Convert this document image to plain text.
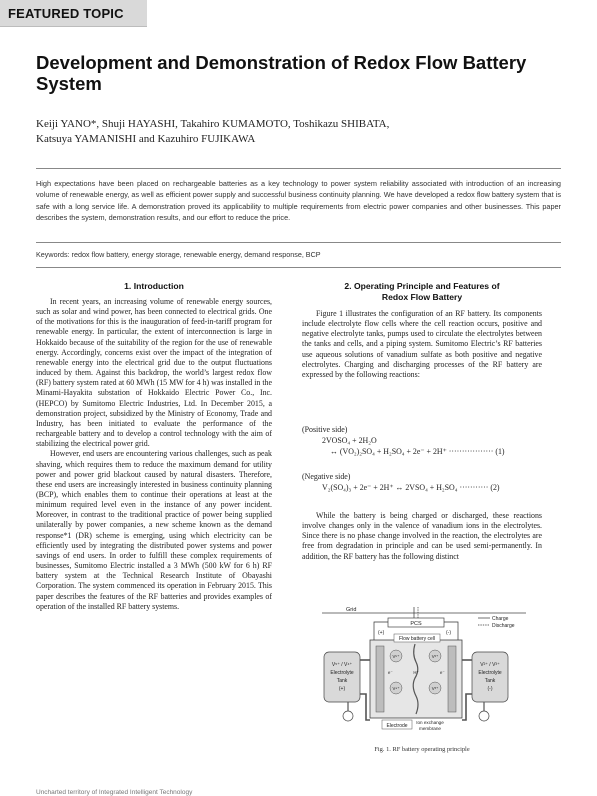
FEATURED TOPIC
Development and Demonstration of Redox Flow Battery System
Keiji YANO*, Shuji HAYASHI, Takahiro KUMAMOTO, Toshikazu SHIBATA,
Katsuya YAMANISHI and Kazuhiro FUJIKAWA
High expectations have been placed on rechargeable batteries as a key technology to power system reliability associated with introduction of an increasing volume of renewable energy, as well as efficient power supply and successful business continuity planning. We have developed a redox flow battery system that is safe with a long service life. A demonstration proved its applicability to multiple requirements from electric power companies and other businesses. This paper describes the system, demonstration results, and our effort to reduce the price.
Keywords: redox flow battery, energy storage, renewable energy, demand response, BCP
1. Introduction

In recent years, an increasing volume of renewable energy sources, such as solar and wind power, has been connected to electrical grids. One of the motivations for this is the inauguration of feed-in-tariff program for renewable energy. In particular, the extent of interconnection is large in Hokkaido because of the suitability of the region for the use of renewable energy. Accordingly, concerns exist over the impact of the integration of renewable energy into the electrical grid due to the output fluctuations induced by them. Against this backdrop, the world’s largest redox flow (RF) battery system rated at 60 MWh (15 MW for 4 h) was installed in the Minami-Hayakita substation of Hokkaido Electric Power Co., Inc. (HEPCO) by Sumitomo Electric Industries, Ltd. In December 2015, a demonstration project, subsidized by the Ministry of Economy, Trade and Industry, has been initiated to evaluate the performance of the rechargeable battery and to develop a control technology with the aim of stabilizing the electrical power grid.

However, end users are encountering various challenges, such as peak shaving, which requires them to reduce the maximum demand for utility power and power grid blackout caused by natural disasters. Therefore, these end users are increasingly interested in business continuity planning (BCP), which enables them to continue their operations at least at the minimum required level even in the instance of any power incident. Moreover, in contrast to the traditional practice of power being supplied unilaterally by power companies, a new scheme known as the demand response*1 (DR) scheme is emerging, using which electricity can be efficiently used by integrating the distributed power systems and power savings of end users. In order to fulfill these complex requirements of businesses, Sumitomo Electric installed a 3 MWh (500 kW for 6 h) RF battery system at the Technical Research Institute of Obayashi Corporation. The system commenced its operation in February 2015. This paper describes the features of the RF batteries and provides examples of operation of the installed RF battery systems.

2. Operating Principle and Features of
Redox Flow Battery

Figure 1 illustrates the configuration of an RF battery. Its components include electrolyte flow cells where the cell reaction occurs, positive and negative electrolyte tanks, pumps used to circulate the electrolytes between the tanks and cells, and a piping system. Sumitomo Electric’s RF batteries use aqueous solutions of vanadium sulfate as both positive and negative electrolytes. Charging and discharging processes of the RF battery are expressed by the following reactions:

(Positive side)
2VOSO₄ + 2H₂O
↔ (VO₂)₂SO₄ + H₂SO₄ + 2e⁻ + 2H⁺ ················· (1)
(Negative side)
V₂(SO₄)₃ + 2e⁻ + 2H⁺ ↔ 2VSO₄ + H₂SO₄ ··········· (2)

While the battery is being charged or discharged, these reactions involve changes only in the valence of vanadium ions in the electrolytes. Since there is no phase change involved in the reaction, the electrolytes are free from degradation in principle and can be used semi-permanently. In addition, the RF battery has the following distinct

Grid
PCS
Charge
Discharge
(+)	(-)
Flow battery cell
V⁵⁺
V⁴⁺
V²⁺
V³⁺
H⁺
e⁻	e⁻
V⁵⁺ / V⁴⁺
Electrolyte
Tank
(+)
V²⁺ / V³⁺
Electrolyte
Tank
(-)
Electrode
Ion exchange
membrane
Fig. 1. RF battery operating principle
Uncharted territory of Integrated Intelligent Technology
